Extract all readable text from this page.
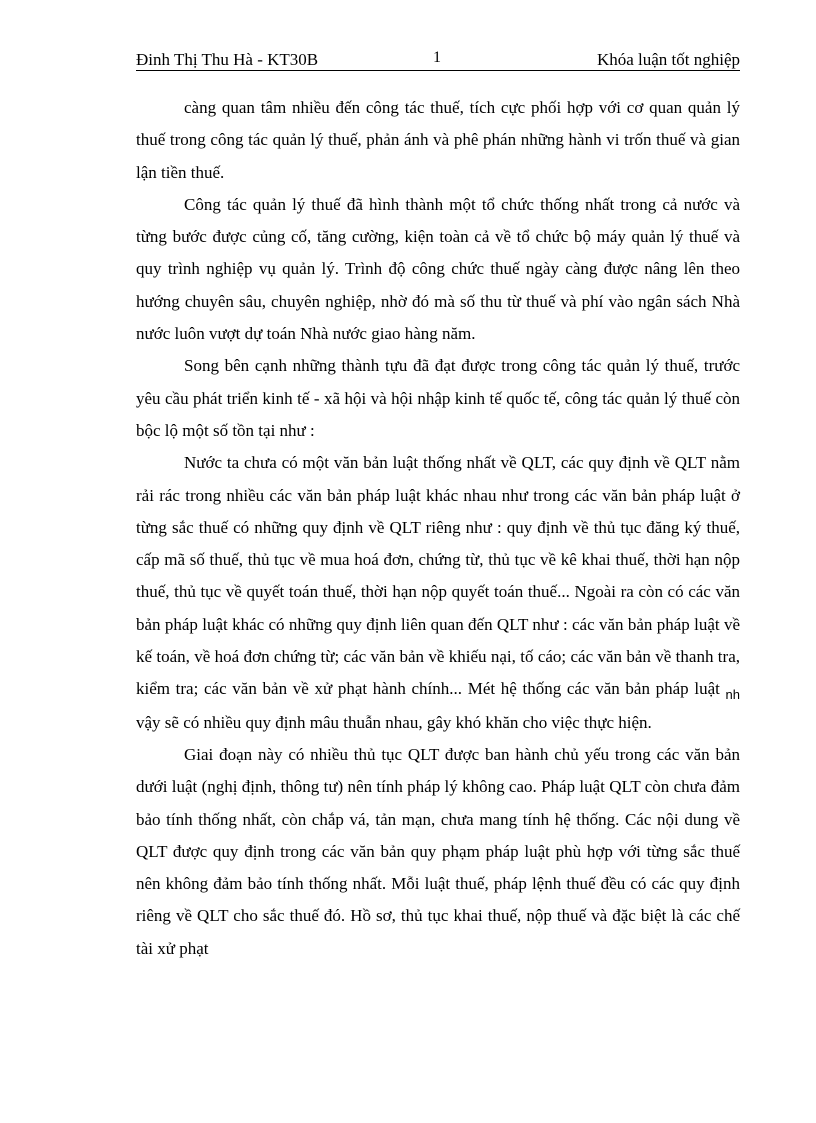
Đinh Thị Thu Hà - KT30B	1	Khóa luận tốt nghiệp

càng quan tâm nhiều đến công tác thuế, tích cực phối hợp với cơ quan quản lý thuế trong công tác quản lý thuế, phản ánh và phê phán những hành vi trốn thuế và gian lận tiền thuế.

Công tác quản lý thuế đã hình thành một tổ chức thống nhất trong cả nước và từng bước được củng cố, tăng cường, kiện toàn cả về tổ chức bộ máy quản lý thuế và quy trình nghiệp vụ quản lý. Trình độ công chức thuế ngày càng được nâng lên theo hướng chuyên sâu, chuyên nghiệp, nhờ đó mà số thu từ thuế và phí vào ngân sách Nhà nước luôn vượt dự toán Nhà nước giao hàng năm.

Song bên cạnh những thành tựu đã đạt được trong công tác quản lý thuế, trước yêu cầu phát triển kinh tế - xã hội và hội nhập kinh tế quốc tế, công tác quản lý thuế còn bộc lộ một số tồn tại như :

Nước ta chưa có một văn bản luật thống nhất về QLT, các quy định về QLT nằm rải rác trong nhiều các văn bản pháp luật khác nhau như trong các văn bản pháp luật ở từng sắc thuế có những quy định về QLT riêng như : quy định về thủ tục đăng ký thuế, cấp mã số thuế, thủ tục về mua hoá đơn, chứng từ, thủ tục về kê khai thuế, thời hạn nộp thuế, thủ tục về quyết toán thuế, thời hạn nộp quyết toán thuế... Ngoài ra còn có các văn bản pháp luật khác có những quy định liên quan đến QLT như : các văn bản pháp luật về kế toán, về hoá đơn chứng từ; các văn bản về khiếu nại, tố cáo; các văn bản về thanh tra, kiểm tra; các văn bản về xử phạt hành chính... Mét hệ thống các văn bản pháp luật $_{nh}$ vậy sẽ có nhiều quy định mâu thuẫn nhau, gây khó khăn cho việc thực hiện.

Giai đoạn này có nhiều thủ tục QLT được ban hành chủ yếu trong các văn bản dưới luật (nghị định, thông tư) nên tính pháp lý không cao. Pháp luật QLT còn chưa đảm bảo tính thống nhất, còn chắp vá, tản mạn, chưa mang tính hệ thống. Các nội dung về QLT được quy định trong các văn bản quy phạm pháp luật phù hợp với từng sắc thuế nên không đảm bảo tính thống nhất. Mỗi luật thuế, pháp lệnh thuế đều có các quy định riêng về QLT cho sắc thuế đó. Hồ sơ, thủ tục khai thuế, nộp thuế và đặc biệt là các chế tài xử phạt
